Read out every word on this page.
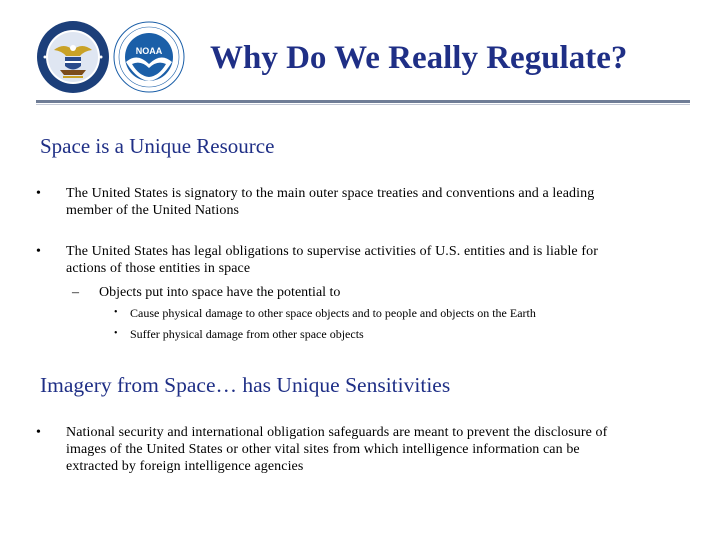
NOAA Why Do We Really Regulate?
Space is a Unique Resource
• The United States is signatory to the main outer space treaties and conventions and a leading
member of the United Nations
• The United States has legal obligations to supervise activities of U.S. entities and is liable for
actions of those entities in space
– Objects put into space have the potential to
• Cause physical damage to other space objects and to people and objects on the Earth
• Suffer physical damage from other space objects
Imagery from Space… has Unique Sensitivities
• National security and international obligation safeguards are meant to prevent the disclosure of
images of the United States or other vital sites from which intelligence information can be
extracted by foreign intelligence agencies
